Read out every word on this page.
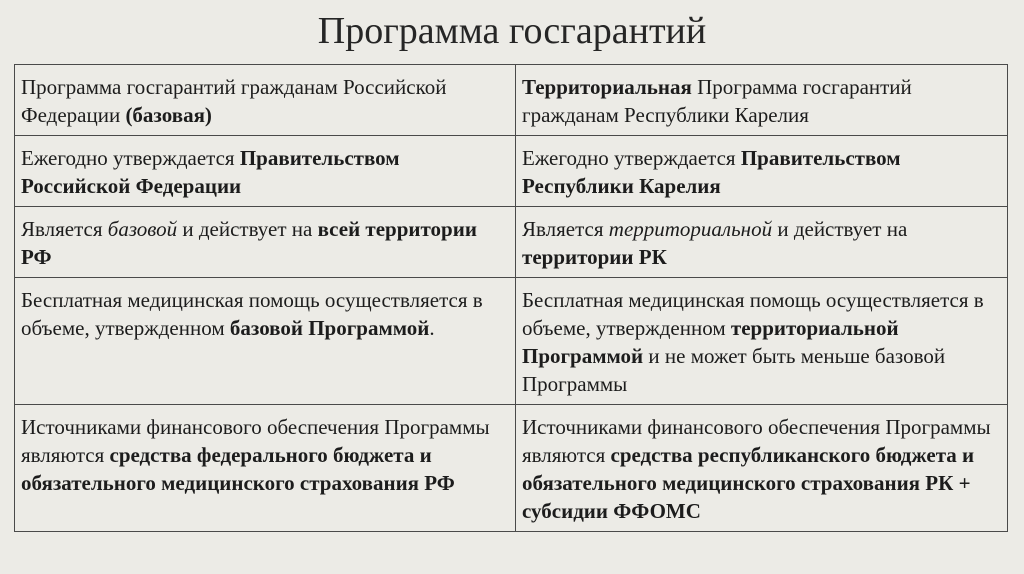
Программа госгарантий
Программа госгарантий гражданам Российской Федерации (базовая)	Территориальная Программа госгарантий гражданам Республики Карелия
Ежегодно утверждается Правительством Российской Федерации	Ежегодно утверждается Правительством Республики Карелия
Является базовой и действует на всей территории РФ	Является территориальной и действует на территории РК
Бесплатная медицинская помощь осуществляется в объеме, утвержденном базовой Программой.	Бесплатная медицинская помощь осуществляется в объеме, утвержденном территориальной Программой и не может быть меньше базовой Программы
Источниками финансового обеспечения Программы являются средства федерального бюджета и обязательного медицинского страхования РФ	Источниками финансового обеспечения Программы являются средства республиканского бюджета и обязательного медицинского страхования РК + субсидии ФФОМС
